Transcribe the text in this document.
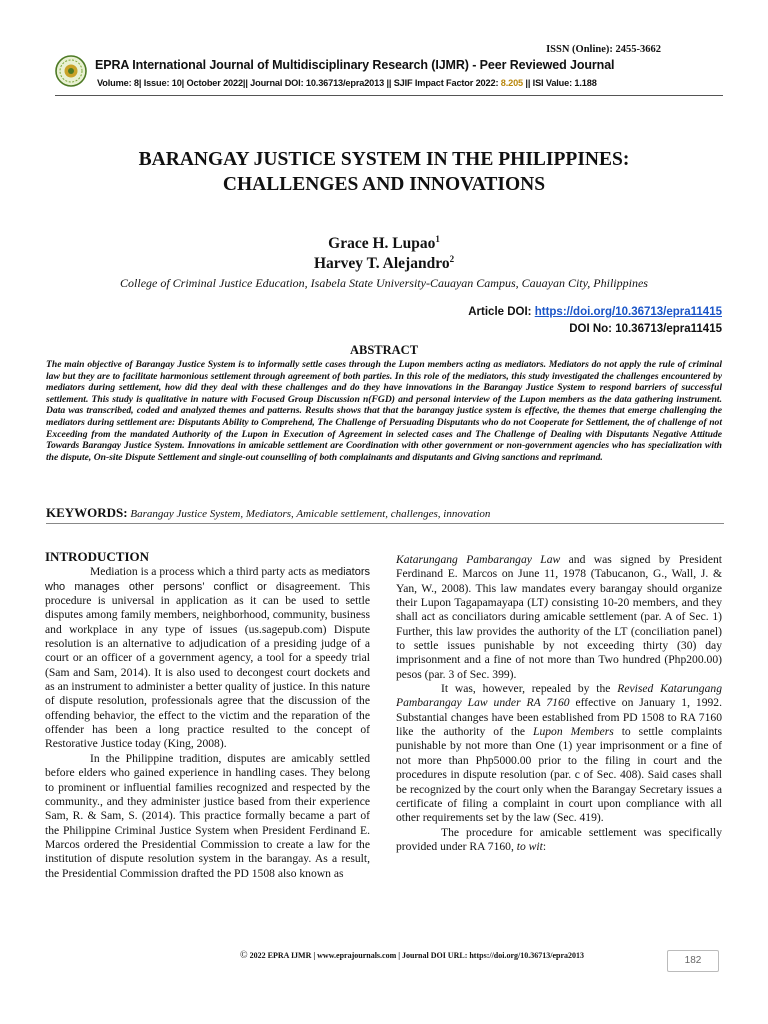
ISSN (Online): 2455-3662
EPRA International Journal of Multidisciplinary Research (IJMR) - Peer Reviewed Journal
Volume: 8| Issue: 10| October 2022|| Journal DOI: 10.36713/epra2013 || SJIF Impact Factor 2022: 8.205 || ISI Value: 1.188
BARANGAY JUSTICE SYSTEM IN THE PHILIPPINES:
CHALLENGES AND INNOVATIONS
Grace H. Lupao$^1$
Harvey T. Alejandro$^2$
College of Criminal Justice Education, Isabela State University-Cauayan Campus, Cauayan City, Philippines
Article DOI: https://doi.org/10.36713/epra11415
DOI No: 10.36713/epra11415
ABSTRACT

The main objective of Barangay Justice System is to informally settle cases through the Lupon members acting as mediators. Mediators do not apply the rule of criminal law but they are to facilitate harmonious settlement through agreement of both parties. In this role of the mediators, this study investigated the challenges encountered by mediators during settlement, how did they deal with these challenges and do they have innovations in the Barangay Justice System to respond barriers of successful settlement. This study is qualitative in nature with Focused Group Discussion n(FGD) and personal interview of the Lupon members as the data gathering instrument. Data was transcribed, coded and analyzed themes and patterns. Results shows that that the barangay justice system is effective, the themes that emerge challenging the mediators during settlement are: Disputants Ability to Comprehend, The Challenge of Persuading Disputants who do not Cooperate for Settlement, the of challenge of not Exceeding from the mandated Authority of the Lupon in Execution of Agreement in selected cases and The Challenge of Dealing with Disputants Negative Attitude Towards Barangay Justice System. Innovations in amicable settlement are Coordination with other government or non-government agencies who has specialization with the dispute, On-site Dispute Settlement and single-out counselling of both complainants and disputants and Giving sanctions and reprimand.

KEYWORDS: Barangay Justice System, Mediators, Amicable settlement, challenges, innovation
INTRODUCTION

Mediation is a process which a third party acts as mediators who manages other persons’ conflict or disagreement. This procedure is universal in application as it can be used to settle disputes among family members, neighborhood, community, business and workplace in any type of issues (us.sagepub.com) Dispute resolution is an alternative to adjudication of a presiding judge of a court or an officer of a government agency, a tool for a speedy trial (Sam and Sam, 2014). It is also used to decongest court dockets and as an instrument to administer a better quality of justice. In this nature of dispute resolution, professionals agree that the discussion of the offending behavior, the effect to the victim and the reparation of the offender has been a long practice resulted to the concept of Restorative Justice today (King, 2008).

In the Philippine tradition, disputes are amicably settled before elders who gained experience in handling cases. They belong to prominent or influential families recognized and respected by the community., and they administer justice based from their experience Sam, R. & Sam, S. (2014). This practice formally became a part of the Philippine Criminal Justice System when President Ferdinand E. Marcos ordered the Presidential Commission to create a law for the institution of dispute resolution system in the barangay. As a result, the Presidential Commission drafted the PD 1508 also known as

Katarungang Pambarangay Law and was signed by President Ferdinand E. Marcos on June 11, 1978 (Tabucanon, G., Wall, J. & Yan, W., 2008). This law mandates every barangay should organize their Lupon Tagapamayapa (LT) consisting 10-20 members, and they shall act as conciliators during amicable settlement (par. A of Sec. 1) Further, this law provides the authority of the LT (conciliation panel) to settle issues punishable by not exceeding thirty (30) day imprisonment and a fine of not more than Two hundred (Php200.00) pesos (par. 3 of Sec. 399).

It was, however, repealed by the Revised Katarungang Pambarangay Law under RA 7160 effective on January 1, 1992. Substantial changes have been established from PD 1508 to RA 7160 like the authority of the Lupon Members to settle complaints punishable by not more than One (1) year imprisonment or a fine of not more than Php5000.00 prior to the filing in court and the procedures in dispute resolution (par. c of Sec. 408). Said cases shall be recognized by the court only when the Barangay Secretary issues a certificate of filing a complaint in court upon compliance with all other requirements set by the law (Sec. 419).

The procedure for amicable settlement was specifically provided under RA 7160, to wit:

© 2022 EPRA IJMR | www.eprajournals.com | Journal DOI URL: https://doi.org/10.36713/epra2013	182
